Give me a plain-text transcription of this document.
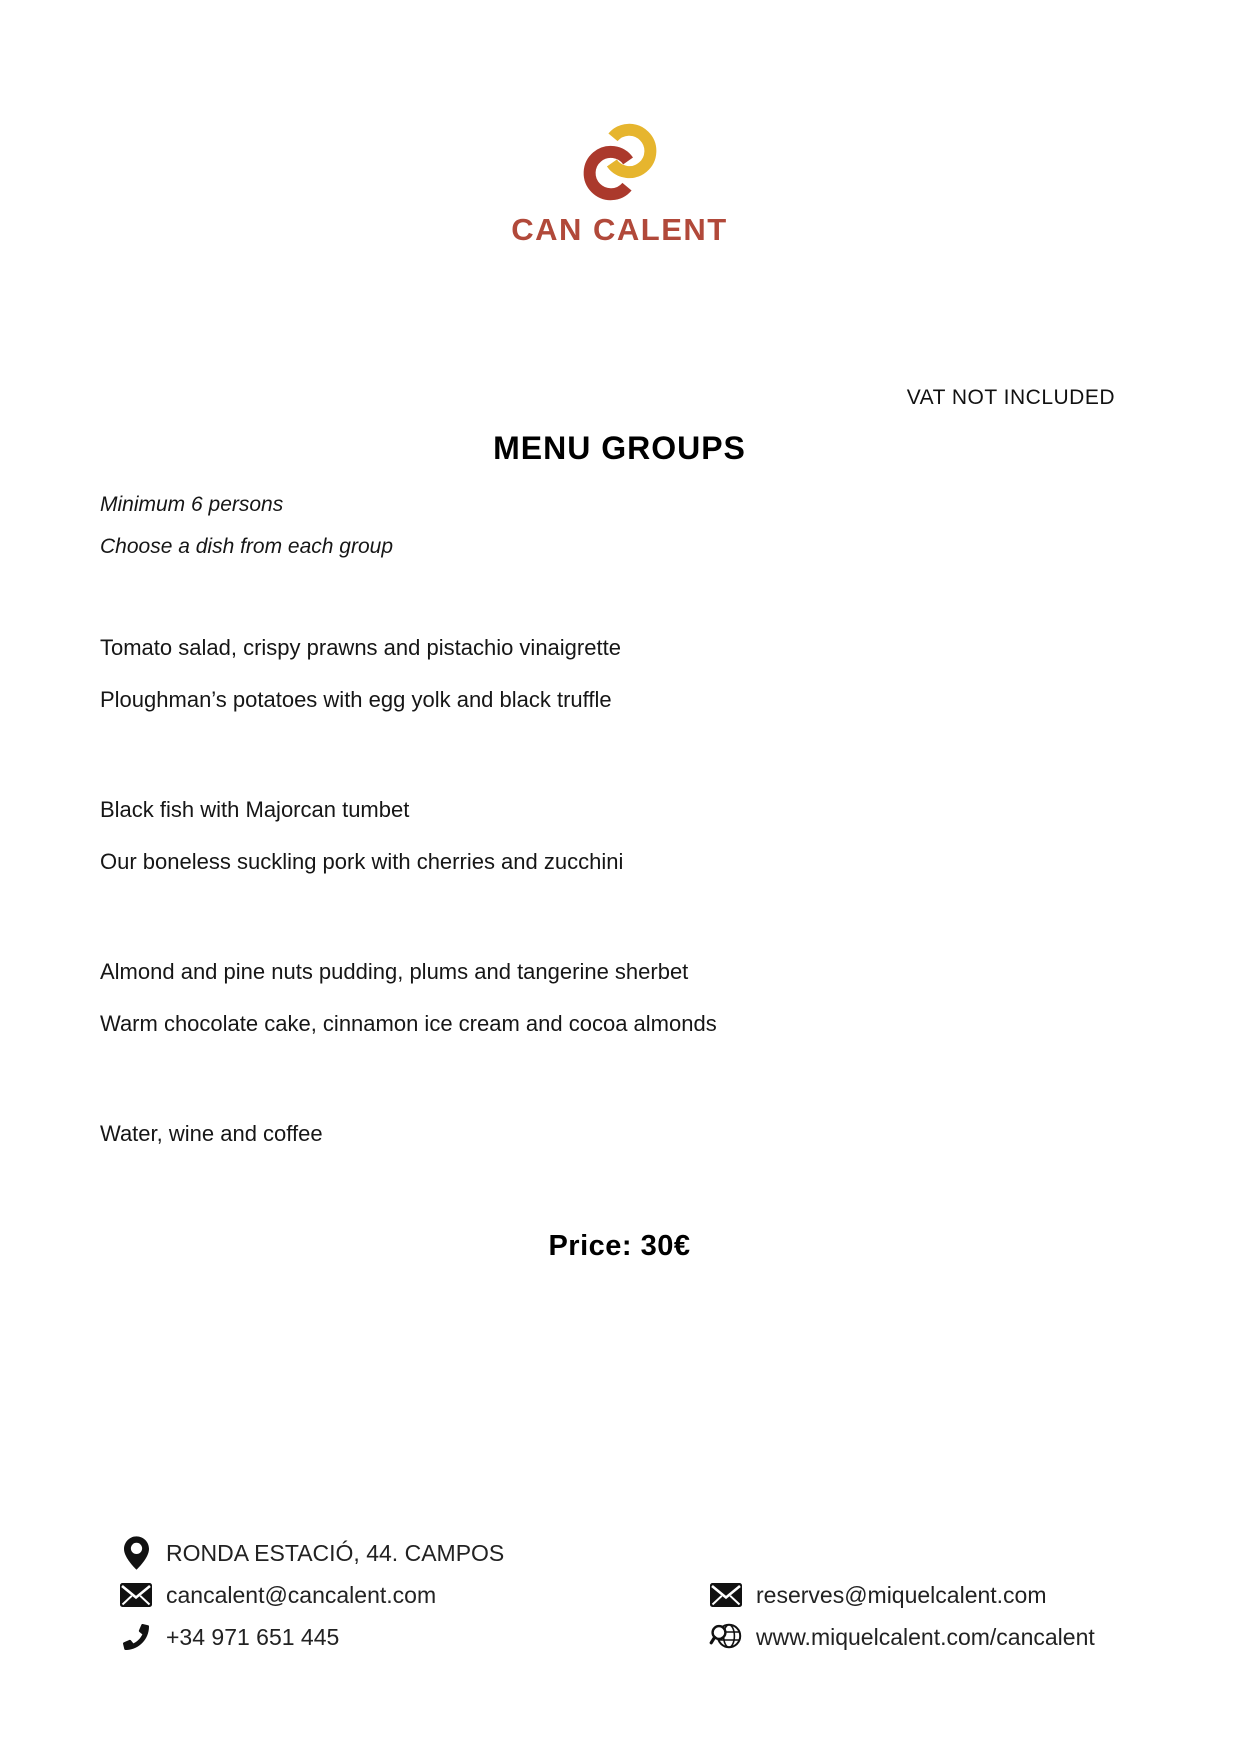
CAN CALENT
VAT NOT INCLUDED
MENU GROUPS
Minimum 6 persons
Choose a dish from each group
Tomato salad, crispy prawns and pistachio vinaigrette
Ploughman’s potatoes with egg yolk and black truffle
Black fish with Majorcan tumbet
Our boneless suckling pork with cherries and zucchini
Almond and pine nuts pudding, plums and tangerine sherbet
Warm chocolate cake, cinnamon ice cream and cocoa almonds
Water, wine and coffee
Price: 30€
RONDA ESTACIÓ, 44. CAMPOS
cancalent@cancalent.com
+34 971 651 445
reserves@miquelcalent.com
www.miquelcalent.com/cancalent
